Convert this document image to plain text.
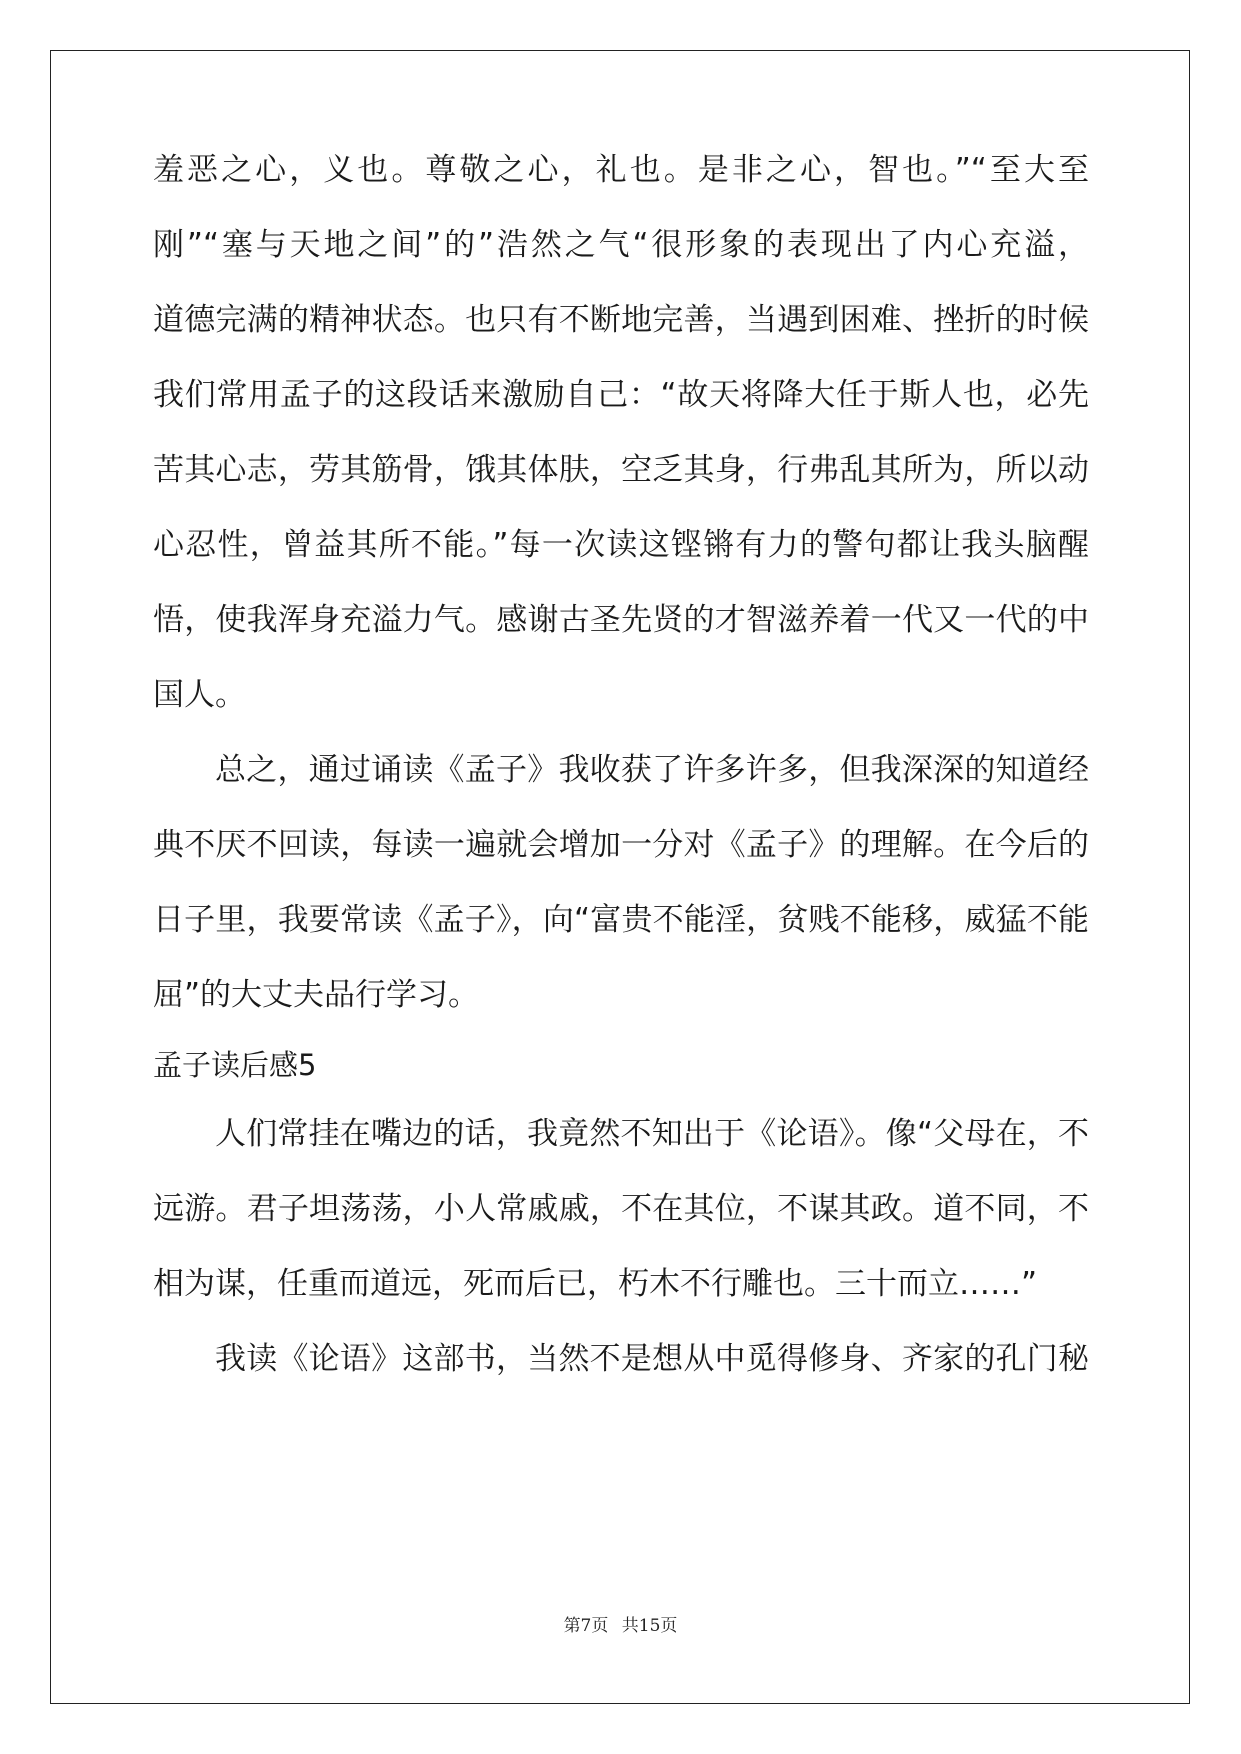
羞恶之心，义也。尊敬之心，礼也。是非之心，智也。”“至大至
刚”“塞与天地之间”的”浩然之气“很形象的表现出了内心充溢，
道德完满的精神状态。也只有不断地完善，当遇到困难、挫折的时候
我们常用孟子的这段话来激励自己：“故天将降大任于斯人也，必先
苦其心志，劳其筋骨，饿其体肤，空乏其身，行弗乱其所为，所以动
心忍性，曾益其所不能。”每一次读这铿锵有力的警句都让我头脑醒
悟，使我浑身充溢力气。感谢古圣先贤的才智滋养着一代又一代的中
国人。
总之，通过诵读《孟子》我收获了许多许多，但我深深的知道经
典不厌不回读，每读一遍就会增加一分对《孟子》的理解。在今后的
日子里，我要常读《孟子》，向“富贵不能淫，贫贱不能移，威猛不能
屈”的大丈夫品行学习。
孟子读后感5
人们常挂在嘴边的话，我竟然不知出于《论语》。像“父母在，不
远游。君子坦荡荡，小人常戚戚，不在其位，不谋其政。道不同，不
相为谋，任重而道远，死而后已，朽木不行雕也。三十而立……”
我读《论语》这部书，当然不是想从中觅得修身、齐家的孔门秘
第7页 共15页
